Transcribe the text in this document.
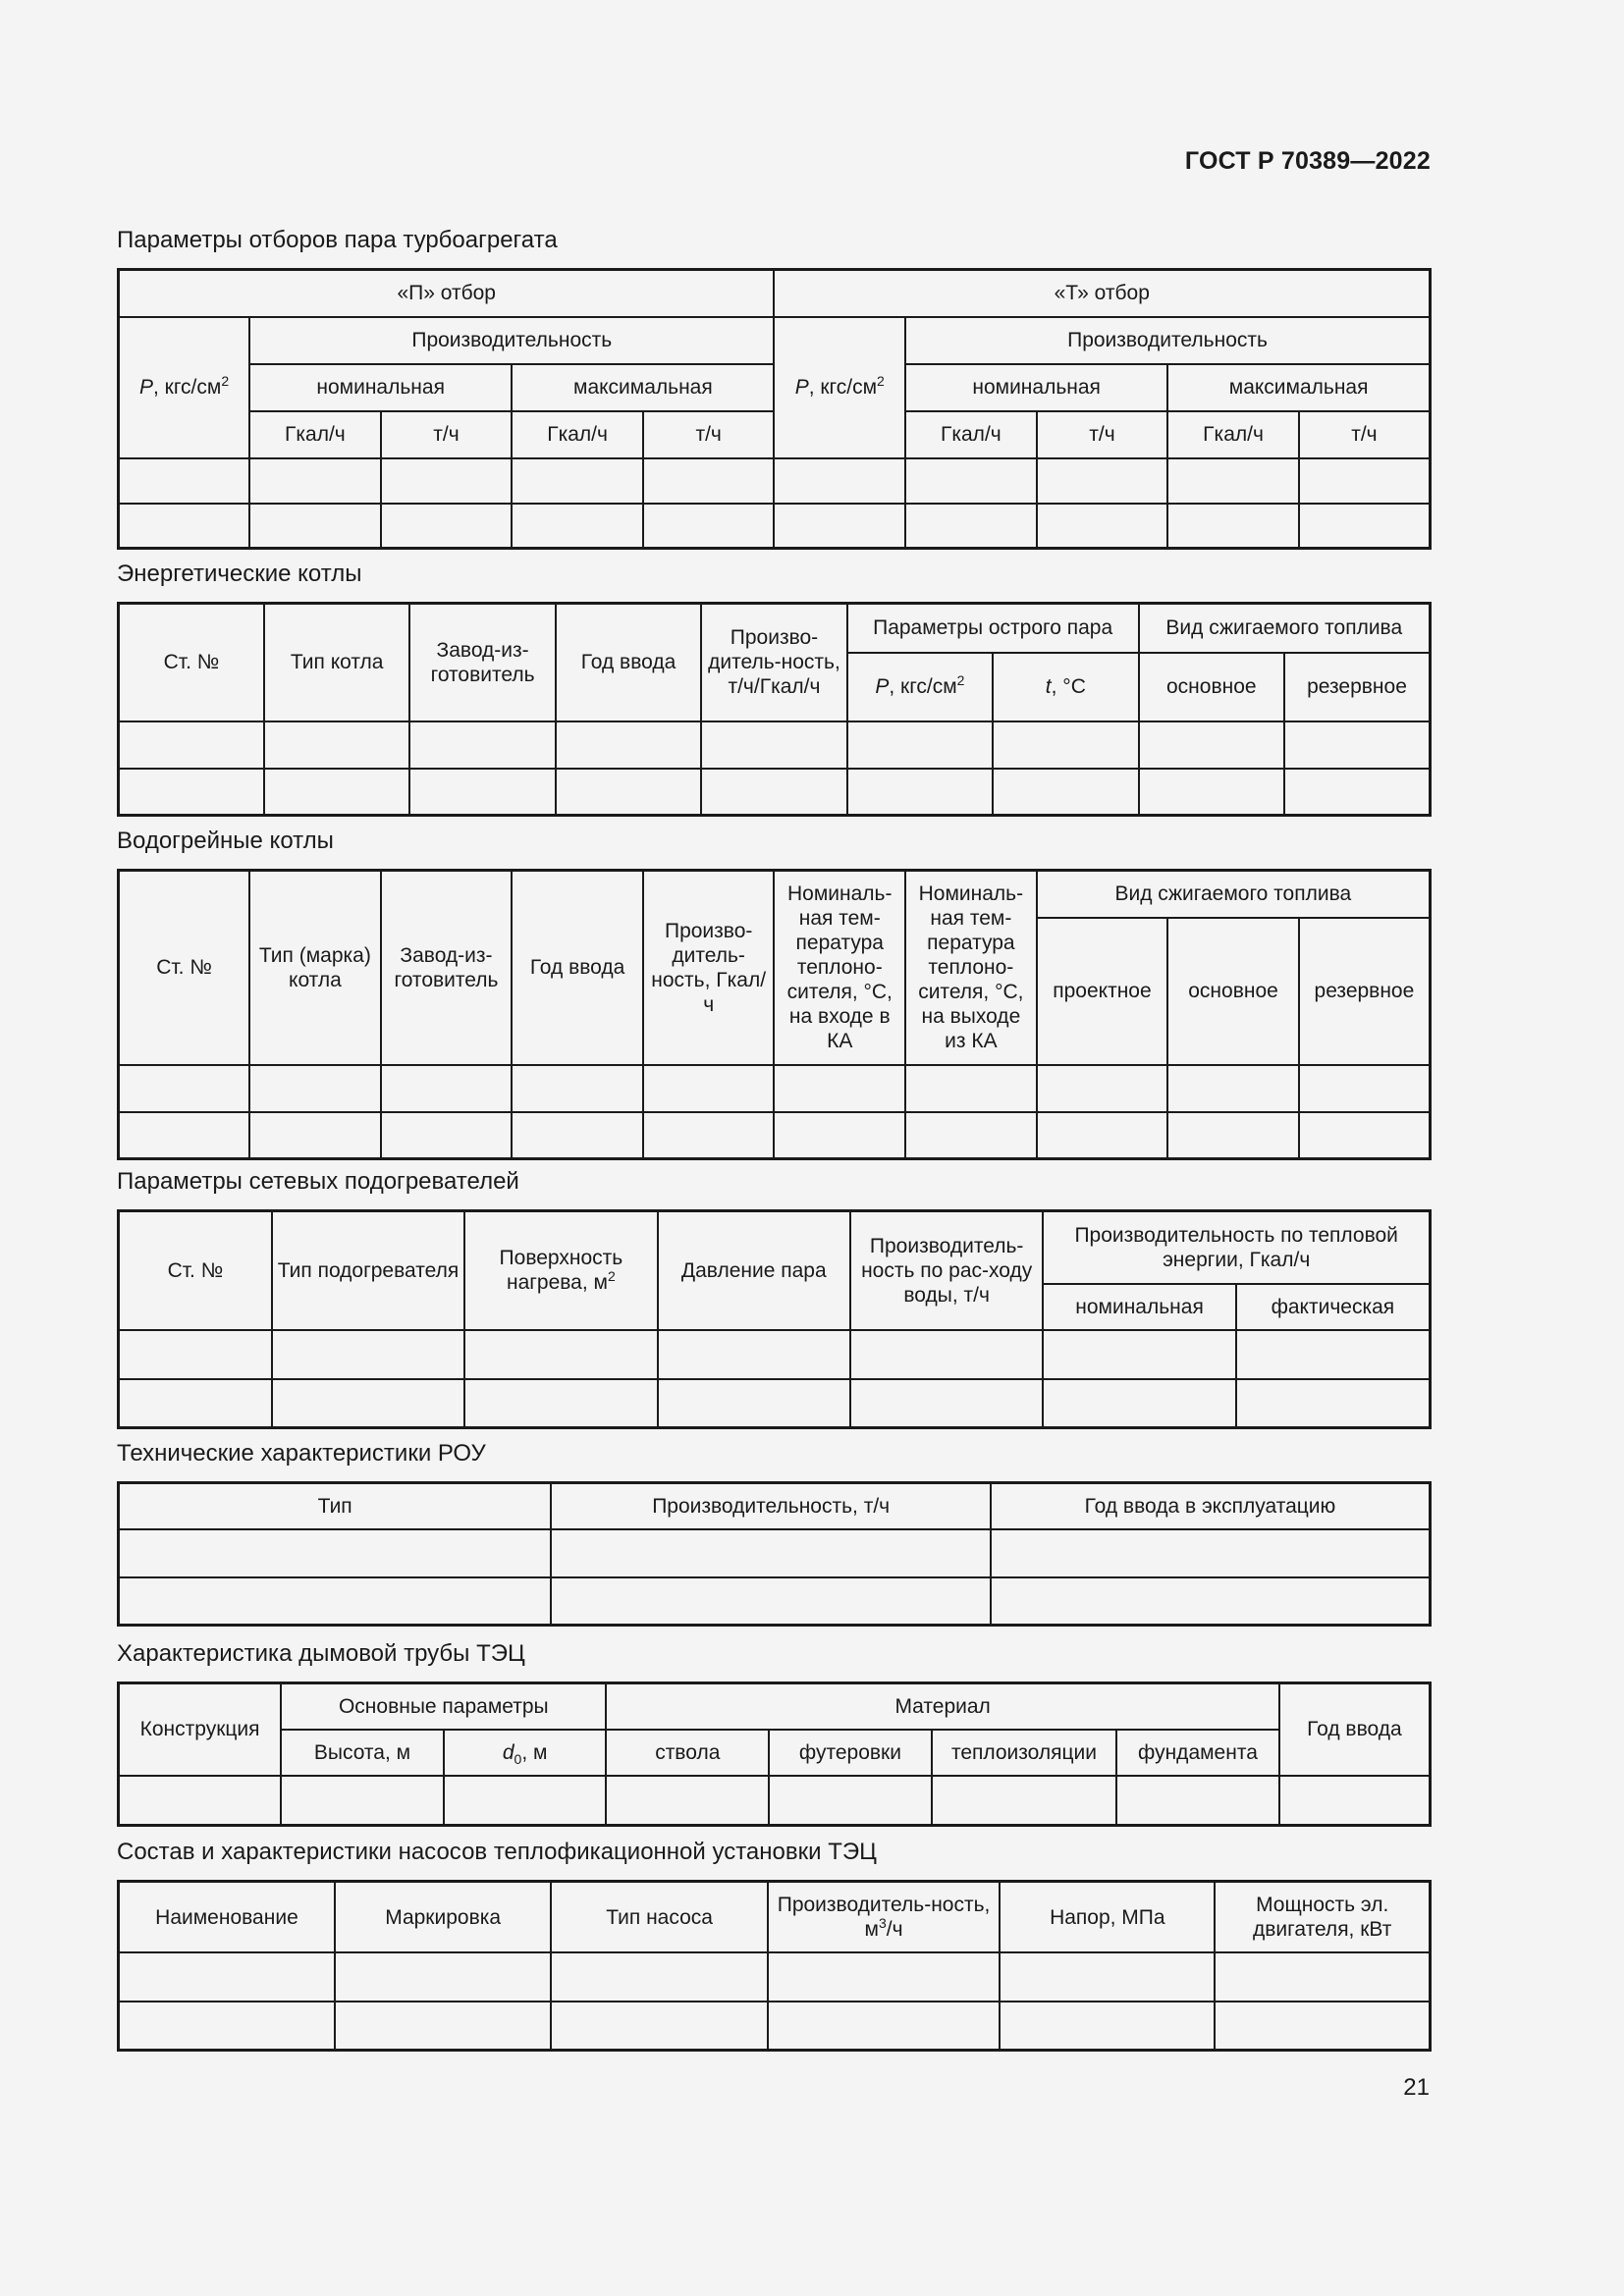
ГОСТ Р 70389—2022
Параметры отборов пара турбоагрегата
«П» отбор					«Т» отбор				
P, кгс/$см^2$	Производительность				P, кгс/$см^2$	Производительность			
	номинальная		максимальная			номинальная		максимальная	
	Гкал/ч	т/ч	Гкал/ч	т/ч		Гкал/ч	т/ч	Гкал/ч	т/ч

Энергетические котлы
Ст. №	Тип котла	Завод-из-готовитель	Год ввода	Произво-дитель-ность, т/ч/Гкал/ч	Параметры острого пара		Вид сжигаемого топлива	
					P, кгс/$см^2$	t, °C	основное	резервное

Водогрейные котлы
Ст. №	Тип (марка) котла	Завод-из-готовитель	Год ввода	Произво-дитель-ность, Гкал/ч	Номиналь-ная тем-пература теплоно-сителя, °C, на входе в КА	Номиналь-ная тем-пература теплоно-сителя, °C, на выходе из КА	Вид сжигаемого топлива		
							проектное	основное	резервное

Параметры сетевых подогревателей
Ст. №	Тип подогревателя	Поверхность нагрева, $м^2$	Давление пара	Производитель-ность по рас-ходу воды, т/ч	Производительность по тепловой энергии, Гкал/ч	
					номинальная	фактическая

Технические характеристики РОУ
Тип	Производительность, т/ч	Год ввода в эксплуатацию

Характеристика дымовой трубы ТЭЦ
Конструкция	Основные параметры		Материал				Год ввода
	Высота, м	$d_0$, м	ствола	футеровки	теплоизоляции	фундамента	

Состав и характеристики насосов теплофикационной установки ТЭЦ
Наименование	Маркировка	Тип насоса	Производитель-ность, $м^3/ч$	Напор, МПа	Мощность эл. двигателя, кВт

21
